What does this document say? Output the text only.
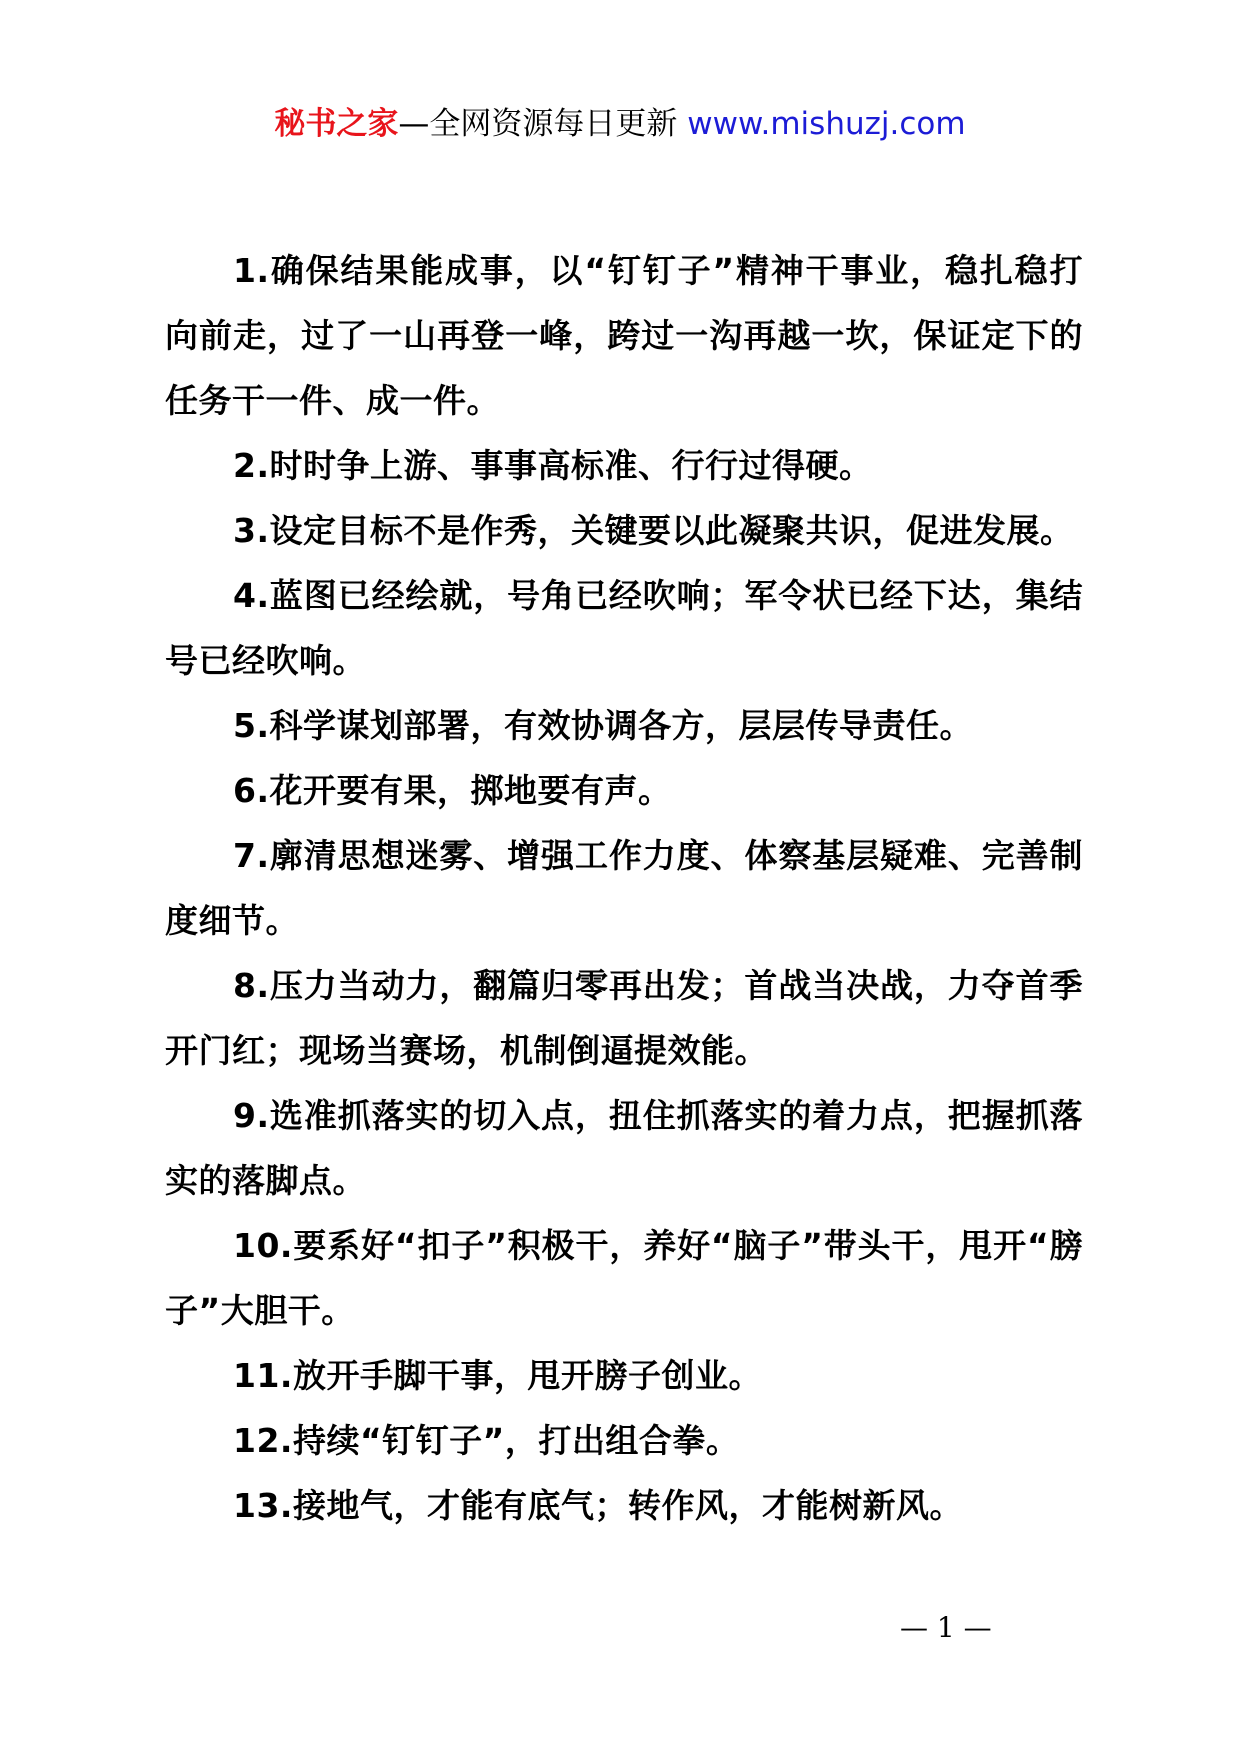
秘书之家—全网资源每日更新 www.mishuzj.com

1.确保结果能成事，以“钉钉子”精神干事业，稳扎稳打向前走，过了一山再登一峰，跨过一沟再越一坎，保证定下的任务干一件、成一件。

2.时时争上游、事事高标准、行行过得硬。

3.设定目标不是作秀，关键要以此凝聚共识，促进发展。

4.蓝图已经绘就，号角已经吹响；军令状已经下达，集结号已经吹响。

5.科学谋划部署，有效协调各方，层层传导责任。

6.花开要有果，掷地要有声。

7.廓清思想迷雾、增强工作力度、体察基层疑难、完善制度细节。

8.压力当动力，翻篇归零再出发；首战当决战，力夺首季开门红；现场当赛场，机制倒逼提效能。

9.选准抓落实的切入点，扭住抓落实的着力点，把握抓落实的落脚点。

10.要系好“扣子”积极干，养好“脑子”带头干，甩开“膀子”大胆干。

11.放开手脚干事，甩开膀子创业。

12.持续“钉钉子”，打出组合拳。

13.接地气，才能有底气；转作风，才能树新风。

— 1 —
